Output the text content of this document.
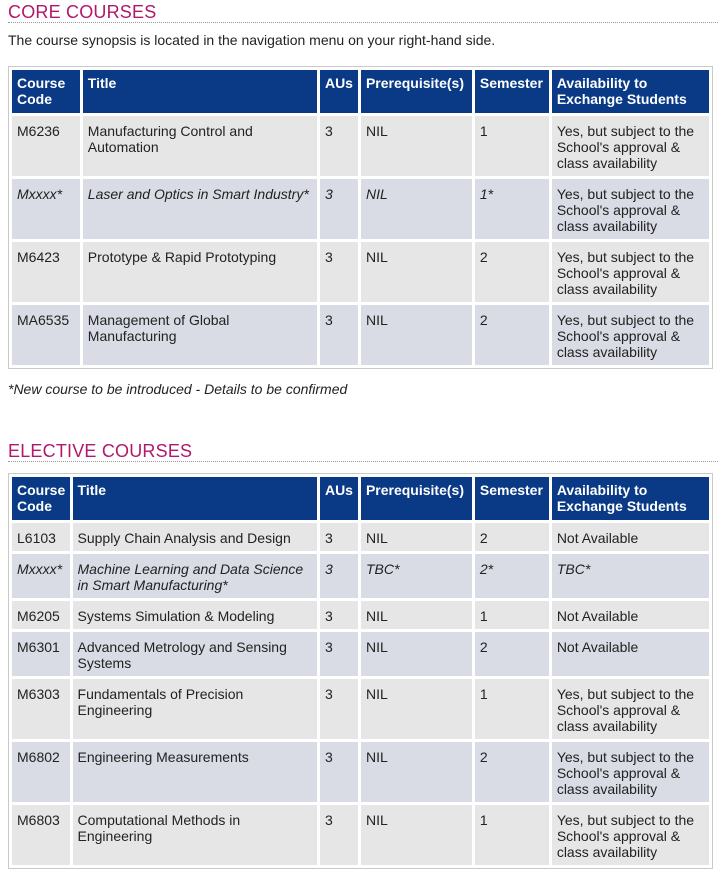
CORE COURSES

The course synopsis is located in the navigation menu on your right-hand side.

Course Code	Title	AUs	Prerequisite(s)	Semester	Availability to Exchange Students
M6236	Manufacturing Control and Automation	3	NIL	1	Yes, but subject to the School's approval & class availability
Mxxxx*	Laser and Optics in Smart Industry*	3	NIL	1*	Yes, but subject to the School's approval & class availability
M6423	Prototype & Rapid Prototyping	3	NIL	2	Yes, but subject to the School's approval & class availability
MA6535	Management of Global Manufacturing	3	NIL	2	Yes, but subject to the School's approval & class availability

*New course to be introduced - Details to be confirmed

ELECTIVE COURSES
Course Code	Title	AUs	Prerequisite(s)	Semester	Availability to Exchange Students
L6103	Supply Chain Analysis and Design	3	NIL	2	Not Available
Mxxxx*	Machine Learning and Data Science in Smart Manufacturing*	3	TBC*	2*	TBC*
M6205	Systems Simulation & Modeling	3	NIL	1	Not Available
M6301	Advanced Metrology and Sensing Systems	3	NIL	2	Not Available
M6303	Fundamentals of Precision Engineering	3	NIL	1	Yes, but subject to the School's approval & class availability
M6802	Engineering Measurements	3	NIL	2	Yes, but subject to the School's approval & class availability
M6803	Computational Methods in Engineering	3	NIL	1	Yes, but subject to the School's approval & class availability
